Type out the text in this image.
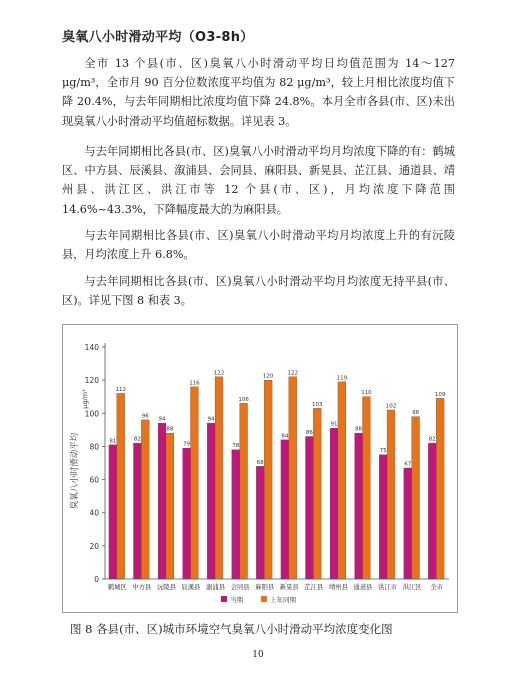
臭氧八小时滑动平均（O3-8h）

全市 13 个县(市、区)臭氧八小时滑动平均日均值范围为 14～127 μg/m³，全市月 90 百分位数浓度平均值为 82 μg/m³，较上月相比浓度均值下降 20.4%，与去年同期相比浓度均值下降 24.8%。本月全市各县(市、区)未出现臭氧八小时滑动平均值超标数据。详见表 3。

与去年同期相比各县(市、区)臭氧八小时滑动平均月均浓度下降的有：鹤城区、中方县、辰溪县、溆浦县、会同县、麻阳县、新晃县、芷江县、通道县、靖州县、洪江区、洪江市等 12 个县(市、区)，月均浓度下降范围 14.6%~43.3%，下降幅度最大的为麻阳县。

与去年同期相比各县(市、区)臭氧八小时滑动平均月均浓度上升的有沅陵县，月均浓度上升 6.8%。

与去年同期相比各县(市、区)臭氧八小时滑动平均月均浓度无持平县(市、区)。详见下图 8 和表 3。

0
20
40
60
80
100
120
140
臭氧八小时滑动平均
μg/m³
81
112
鹤城区
82
96
中方县
94
88
沅陵县
79
116
辰溪县
94
122
溆浦县
78
106
会同县
68
120
麻阳县
84
122
新晃县
86
103
芷江县
91
119
靖州县
88
110
通道县
75
102
洪江市
67
98
洪江区
82
109
全市
当期	上年同期
图 8 各县(市、区)城市环境空气臭氧八小时滑动平均浓度变化图
10
